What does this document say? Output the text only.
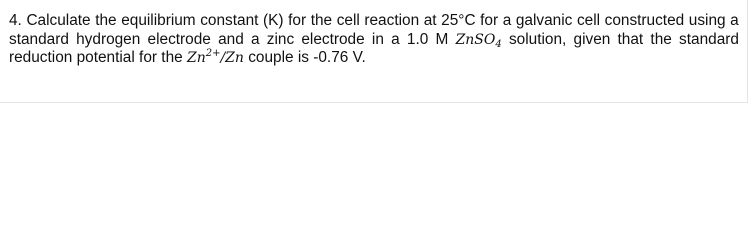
4. Calculate the equilibrium constant (K) for the cell reaction at 25°C for a galvanic cell constructed using a
standard hydrogen electrode and a zinc electrode in a 1.0 M ZnSO$_4$ solution, given that the standard
reduction potential for the $Zn^{2+}/Zn$ couple is -0.76 V.
